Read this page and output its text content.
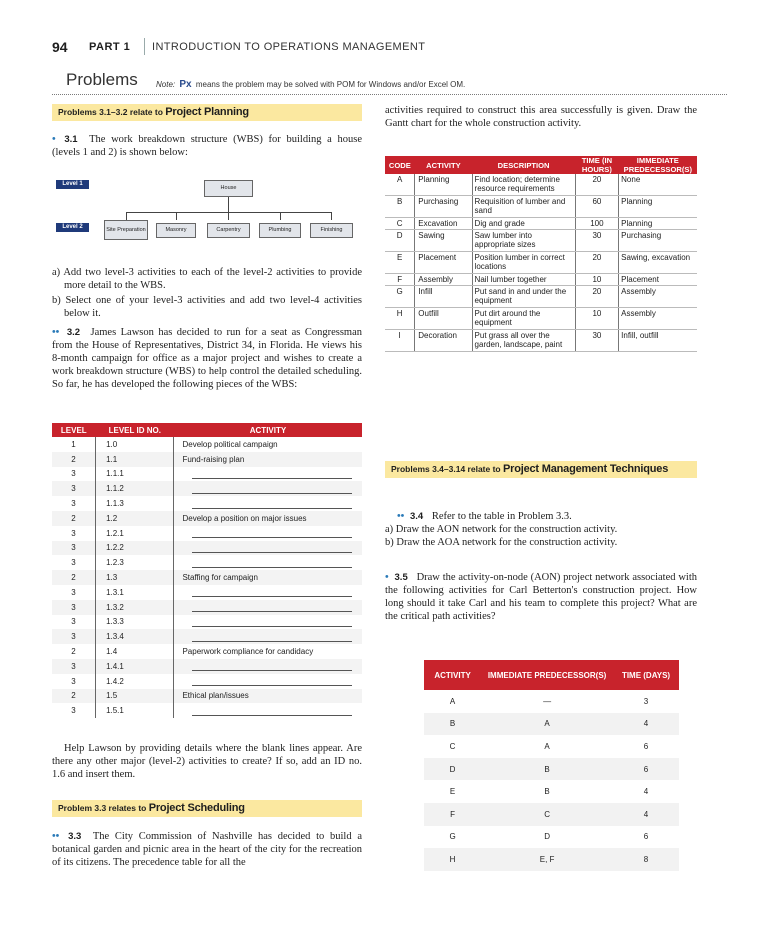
94 PART 1 INTRODUCTION TO OPERATIONS MANAGEMENT
Problems Note: Px means the problem may be solved with POM for Windows and/or Excel OM.
Problems 3.1–3.2 relate to Project Planning
• 3.1 The work breakdown structure (WBS) for building a house (levels 1 and 2) is shown below:
Level 1
House
Level 2	Site Preparation	Masonry	Carpentry	Plumbing	Finishing
a) Add two level-3 activities to each of the level-2 activities to provide more detail to the WBS.
b) Select one of your level-3 activities and add two level-4 activities below it.
•• 3.2 James Lawson has decided to run for a seat as Congressman from the House of Representatives, District 34, in Florida. He views his 8-month campaign for office as a major project and wishes to create a work breakdown structure (WBS) to help control the detailed scheduling. So far, he has developed the following pieces of the WBS:
LEVEL	LEVEL ID NO.	ACTIVITY
1	1.0	Develop political campaign
2	1.1	Fund-raising plan
3	1.1.1	

3	1.1.2	

3	1.1.3	

2	1.2	Develop a position on major issues
3	1.2.1	

3	1.2.2	

3	1.2.3	

2	1.3	Staffing for campaign
3	1.3.1	

3	1.3.2	

3	1.3.3	

3	1.3.4	

2	1.4	Paperwork compliance for candidacy
3	1.4.1	

3	1.4.2	

2	1.5	Ethical plan/issues
3	1.5.1	
Help Lawson by providing details where the blank lines appear. Are there any other major (level-2) activities to create? If so, add an ID no. 1.6 and insert them.
Problem 3.3 relates to Project Scheduling
•• 3.3 The City Commission of Nashville has decided to build a botanical garden and picnic area in the heart of the city for the recreation of its citizens. The precedence table for all the
activities required to construct this area successfully is given. Draw the Gantt chart for the whole construction activity.
CODE	ACTIVITY	DESCRIPTION	TIME (IN HOURS)	IMMEDIATE PREDECESSOR(S)
A	Planning	Find location; determine resource requirements	20	None
B	Purchasing	Requisition of lumber and sand	60	Planning
C	Excavation	Dig and grade	100	Planning
D	Sawing	Saw lumber into appropriate sizes	30	Purchasing
E	Placement	Position lumber in correct locations	20	Sawing, excavation
F	Assembly	Nail lumber together	10	Placement
G	Infill	Put sand in and under the equipment	20	Assembly
H	Outfill	Put dirt around the equipment	10	Assembly
I	Decoration	Put grass all over the garden, landscape, paint	30	Infill, outfill
Problems 3.4–3.14 relate to Project Management Techniques
•• 3.4 Refer to the table in Problem 3.3.
a) Draw the AON network for the construction activity.
b) Draw the AOA network for the construction activity.
• 3.5 Draw the activity-on-node (AON) project network associated with the following activities for Carl Betterton's construction project. How long should it take Carl and his team to complete this project? What are the critical path activities?
ACTIVITY	IMMEDIATE PREDECESSOR(S)	TIME (DAYS)
A	—	3
B	A	4
C	A	6
D	B	6
E	B	4
F	C	4
G	D	6
H	E, F	8
